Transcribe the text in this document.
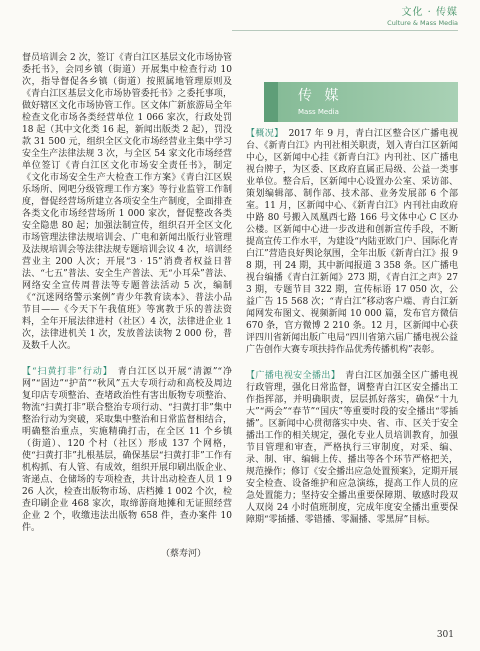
文化 · 传媒
Culture & Mass Media

督员培训会 2 次，签订《青白江区基层文化市场协管委托书》，会同乡镇（街道）开展集中检查行动 10 次，指导督促各乡镇（街道）按照属地管理原则及《青白江区基层文化市场协管委托书》之委托事项，做好辖区文化市场协管工作。区文体广新旅游局全年检查文化市场各类经营单位 1 066 家次，行政处罚 18 起（其中文化类 16 起，新闻出版类 2 起），罚没款 31 500 元，组织全区文化市场经营业主集中学习安全生产法律法规 3 次，与全区 54 家文化市场经营单位签订《青白江区文化市场安全责任书》，制定《文化市场安全生产大检查工作方案》《青白江区娱乐场所、网吧分级管理工作方案》等行业监管工作制度，督促经营场所建立各项安全生产制度，全面排查各类文化市场经营场所 1 000 家次，督促整改各类安全隐患 80 起；加强法制宣传，组织召开全区文化市场管理法律法规培训会、广电和新闻出版行业管理及法规培训会等法律法规专题培训会议 4 次，培训经营业主 200 人次；开展“3 · 15”消费者权益日普法、“七五”普法、安全生产普法、无“小耳朵”普法、网络安全宣传周普法等专题普法活动 5 次，编制《“沉迷网络警示案例”青少年教育读本》、普法小品节目——《今天下午我值班》等寓教于乐的普法资料，全年开展法律进村（社区）4 次，法律进企业 1 次，法律进机关 1 次，发放普法读物 2 000 份，普及数千人次。

【“扫黄打非”行动】 青白江区以开展“清源”“净网”“固边”“护苗”“秋风”五大专项行动和高校及周边复印店专项整治、查堵政治性有害出版物专项整治、物流“扫黄打非”联合整治专项行动、“扫黄打非”集中整治行动为突破，采取集中整治和日常监督相结合，明确整治重点，实施精确打击，在全区 11 个乡镇（街道）、120 个村（社区）形成 137 个网格，使“扫黄打非”扎根基层，确保基层“扫黄打非”工作有机构抓、有人管、有成效，组织开展印刷出版企业、寄递点、仓储场的专项检查，共计出动检查人员 1 926 人次，检查出版物市场、店档摊 1 002 个次，检查印刷企业 468 家次，取缔游商地摊和无证照经营企业 2 个，收缴违法出版物 658 件，查办案件 10 件。

（蔡寿河）
传 媒
Mass Media

【概况】 2017 年 9 月，青白江区整合区广播电视台、《新青白江》内刊社相关职责，划入青白江区新闻中心，区新闻中心挂《新青白江》内刊社、区广播电视台牌子，为区委、区政府直属正局级、公益一类事业单位。整合后，区新闻中心设置办公室、采访部、策划编辑部、制作部、技术部、业务发展部 6 个部室。11 月，区新闻中心、《新青白江》内刊社由政府中路 80 号搬入凤凰西七路 166 号文体中心 C 区办公楼。区新闻中心进一步改进和创新宣传手段，不断提高宣传工作水平，为建设“内陆亚欧门户、国际化青白江”营造良好舆论氛围，全年出版《新青白江》报 98 期，刊 24 期，其中新闻报道 3 358 条。区广播电视台编播《青白江新闻》273 期，《青白江之声》273 期，专题节目 322 期，宣传标语 17 050 次，公益广告 15 568 次；“青白江”移动客户端、青白江新闻网发布图文、视频新闻 10 000 篇，发布官方微信 670 条，官方微博 2 210 条。12 月，区新闻中心获评四川省新闻出版广电局“四川省第六届广播电视公益广告创作大赛专项扶持作品优秀传播机构”表彰。

【广播电视安全播出】 青白江区加强全区广播电视行政管理，强化日常监督，调整青白江区安全播出工作指挥部，并明确职责，层层抓好落实，确保“十九大”“两会”“春节”“国庆”等重要时段的安全播出“零插播”。区新闻中心贯彻落实中央、省、市、区关于安全播出工作的相关规定，强化专业人员培训教育，加强节目管理和审查，严格执行三审制度，对采、编、录、制、审、编辑上传、播出等各个环节严格把关，规范操作；修订《安全播出应急处置预案》，定期开展安全检查、设备维护和应急演练，提高工作人员的应急处置能力；坚持安全播出重要保障期、敏感时段双人双岗 24 小时值班制度，完成年度安全播出重要保障期“零插播、零错播、零漏播、零黑屏”目标。

301
